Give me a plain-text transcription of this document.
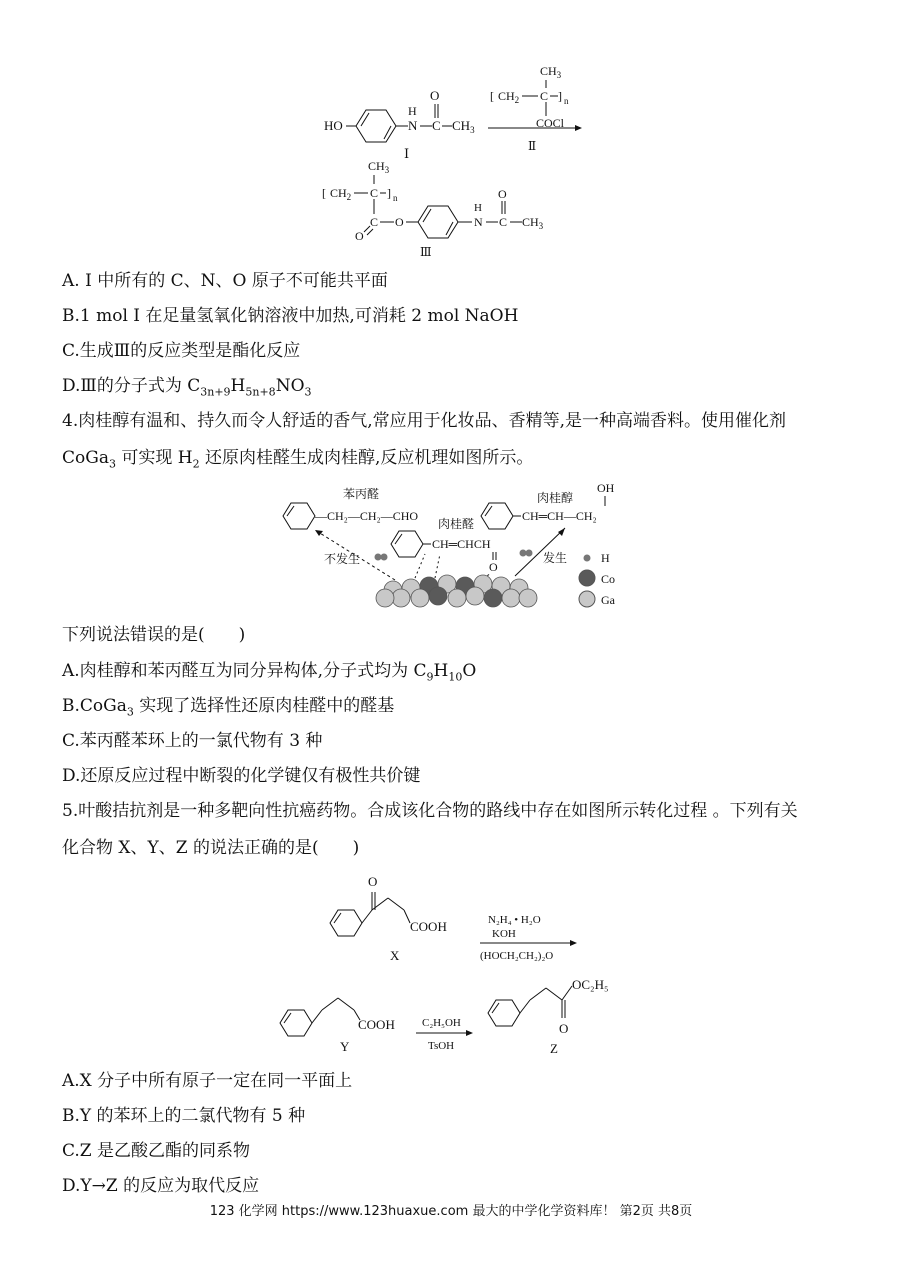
HO
H
N
O
C $CH_3$
Ⅰ
$CH_3$
[ $CH_2$ C ] n
COCl
Ⅱ
$CH_3$
[ $CH_2$ C ] n
C
O
O
H
N
O
C $CH_3$
Ⅲ
A. Ⅰ 中所有的 C、N、O 原子不可能共平面
B.1 mol Ⅰ 在足量氢氧化钠溶液中加热,可消耗 2 mol NaOH
C.生成Ⅲ的反应类型是酯化反应
D.Ⅲ的分子式为 $C_{3n+9}H_{5n+8}NO_3$
4.肉桂醇有温和、持久而令人舒适的香气,常应用于化妆品、香精等,是一种高端香料。使用催化剂
CoGa$_3$ 可实现 $H_2$ 还原肉桂醛生成肉桂醇,反应机理如图所示。
苯丙醛
—CH₂—CH₂—CHO
肉桂醛
CH═CHCH
O
肉桂醇
OH
CH═CH—CH₂
不发生	发生	H
Co
Ga
下列说法错误的是(　　)
A.肉桂醇和苯丙醛互为同分异构体,分子式均为 $C_9H_{10}O$
B.CoGa$_3$ 实现了选择性还原肉桂醛中的醛基
C.苯丙醛苯环上的一氯代物有 3 种
D.还原反应过程中断裂的化学键仅有极性共价键
5.叶酸拮抗剂是一种多靶向性抗癌药物。合成该化合物的路线中存在如图所示转化过程 。下列有关
化合物 X、Y、Z 的说法正确的是(　　)
O
COOH
X
N₂H₄ • H₂O
KOH
(HOCH₂CH₂)₂O
COOH
Y
C₂H₅OH
TsOH
OC₂H₅
O
Z
A.X 分子中所有原子一定在同一平面上
B.Y 的苯环上的二氯代物有 5 种
C.Z 是乙酸乙酯的同系物
D.Y→Z 的反应为取代反应
123 化学网 https://www.123huaxue.com 最大的中学化学资料库！ 第2页 共8页
